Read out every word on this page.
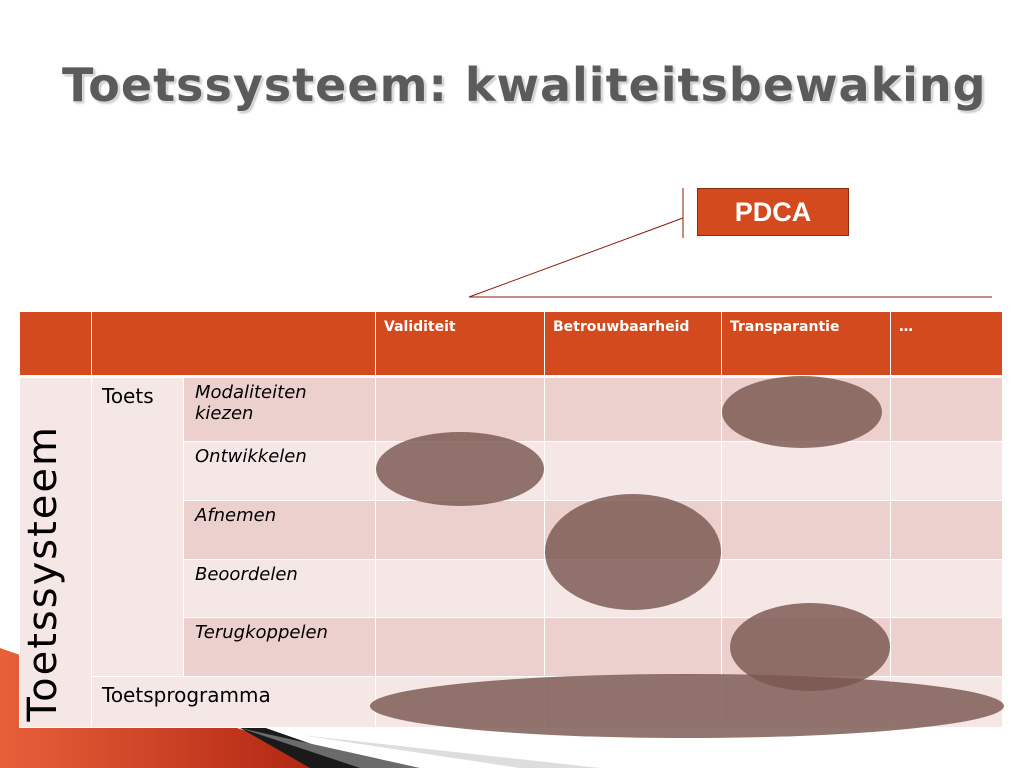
Toetssysteem: kwaliteitsbewaking
PDCA

			Validiteit	Betrouwbaarheid	Transparantie	…

Toetssysteem	Toets	Modaliteiten kiezen				
		Ontwikkelen				
		Afnemen				
		Beoordelen				
		Terugkoppelen				
	Toetsprogramma					
